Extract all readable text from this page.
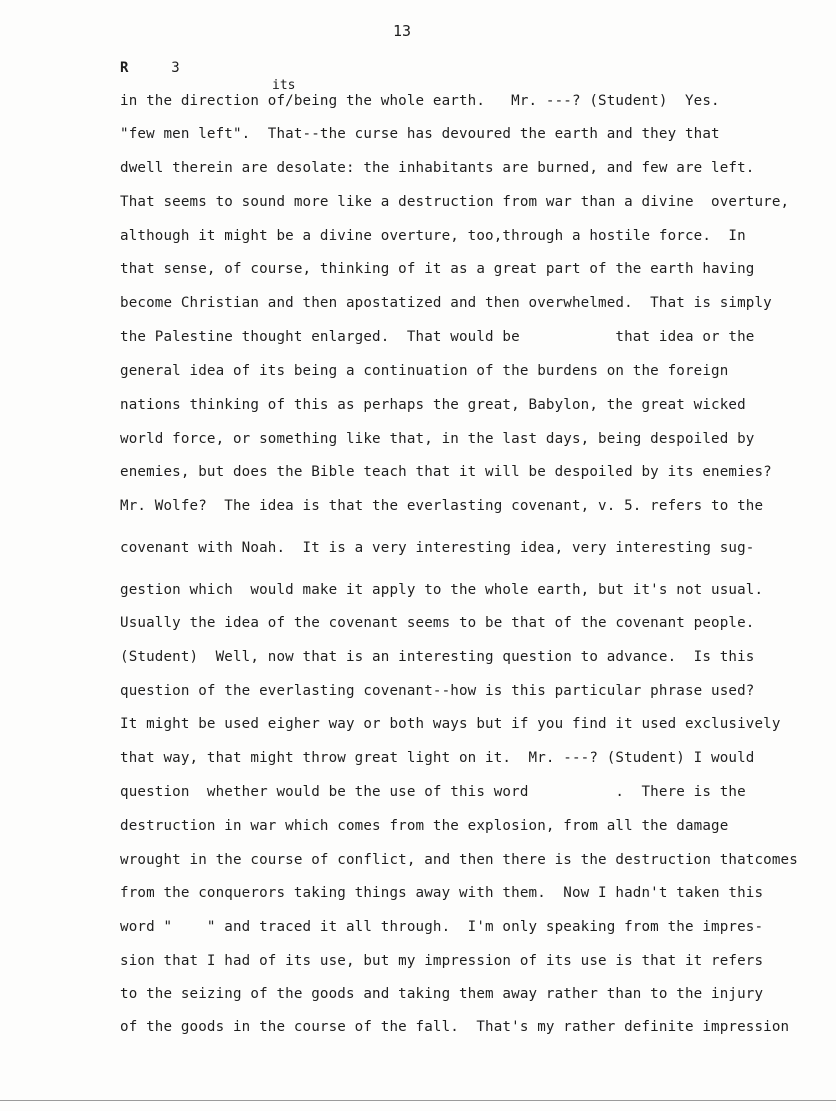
13
R	3
its
in the direction of/being the whole earth.   Mr. ---? (Student)  Yes.
"few men left".  That--the curse has devoured the earth and they that
dwell therein are desolate: the inhabitants are burned, and few are left.
That seems to sound more like a destruction from war than a divine  overture,
although it might be a divine overture, too,through a hostile force.  In
that sense, of course, thinking of it as a great part of the earth having
become Christian and then apostatized and then overwhelmed.  That is simply
the Palestine thought enlarged.  That would be           that idea or the
general idea of its being a continuation of the burdens on the foreign
nations thinking of this as perhaps the great, Babylon, the great wicked
world force, or something like that, in the last days, being despoiled by
enemies, but does the Bible teach that it will be despoiled by its enemies?
Mr. Wolfe?  The idea is that the everlasting covenant, v. 5. refers to the
covenant with Noah.  It is a very interesting idea, very interesting sug-
gestion which  would make it apply to the whole earth, but it's not usual.
Usually the idea of the covenant seems to be that of the covenant people.
(Student)  Well, now that is an interesting question to advance.  Is this
question of the everlasting covenant--how is this particular phrase used?
It might be used eigher way or both ways but if you find it used exclusively
that way, that might throw great light on it.  Mr. ---? (Student) I would
question  whether would be the use of this word          .  There is the
destruction in war which comes from the explosion, from all the damage
wrought in the course of conflict, and then there is the destruction thatcomes
from the conquerors taking things away with them.  Now I hadn't taken this
word "    " and traced it all through.  I'm only speaking from the impres-
sion that I had of its use, but my impression of its use is that it refers
to the seizing of the goods and taking them away rather than to the injury
of the goods in the course of the fall.  That's my rather definite impression
